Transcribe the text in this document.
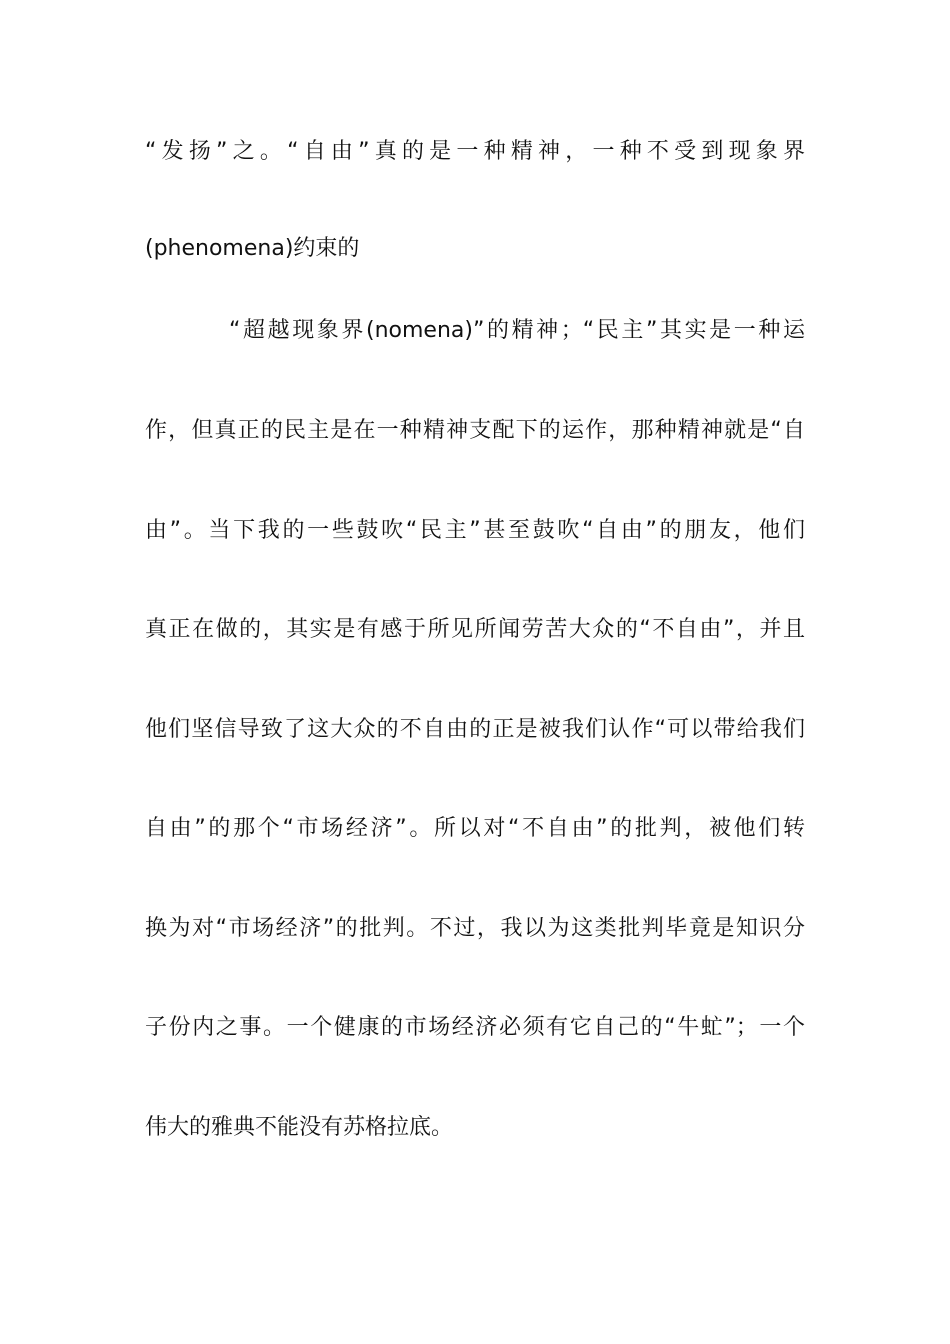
“发扬”之。“自由”真的是一种精神，一种不受到现象界
(phenomena)约束的
“超越现象界(nomena)”的精神；“民主”其实是一种运
作，但真正的民主是在一种精神支配下的运作，那种精神就是“自
由”。当下我的一些鼓吹“民主”甚至鼓吹“自由”的朋友，他们
真正在做的，其实是有感于所见所闻劳苦大众的“不自由”，并且
他们坚信导致了这大众的不自由的正是被我们认作“可以带给我们
自由”的那个“市场经济”。所以对“不自由”的批判，被他们转
换为对“市场经济”的批判。不过，我以为这类批判毕竟是知识分
子份内之事。一个健康的市场经济必须有它自己的“牛虻”；一个
伟大的雅典不能没有苏格拉底。
